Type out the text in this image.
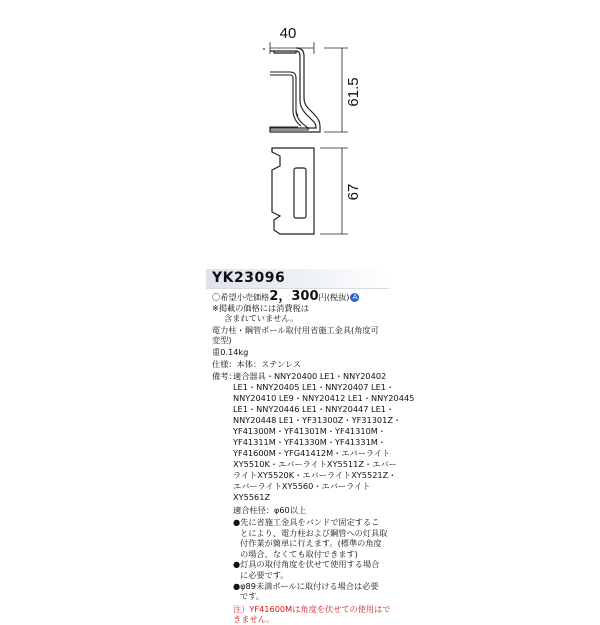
40
61.5
67
YK23096
〇希望小売価格2，300円(税抜) A
※掲載の価格には消費税は
含まれていません。
電力柱・鋼管ポール取付用省施工金具(角度可
変型)
重0.14kg
仕様：本体：ステンレス
備考：
適合器具・NNY20400 LE1・NNY20402
LE1・NNY20405 LE1・NNY20407 LE1・
NNY20410 LE9・NNY20412 LE1・NNY20445
LE1・NNY20446 LE1・NNY20447 LE1・
NNY20448 LE1・YF31300Z・YF31301Z・
YF41300M・YF41301M・YF41310M・
YF41311M・YF41330M・YF41331M・
YF41600M・YFG41412M・エバーライト
XY5510K・エバーライトXY5511Z・エバー
ライトXY5520K・エバーライトXY5521Z・
エバーライトXY5560・エバーライト
XY5561Z
適合柱径：φ60以上
●先に省施工金具をバンドで固定するこ
とにより、電力柱および鋼管への灯具取
付作業が簡単に行えます。(標準の角度
の場合、なくても取付できます)
●灯具の取付角度を伏せて使用する場合
に必要です。
●φ89未満ポールに取付ける場合は必要
です。
注）YF41600Mは角度を伏せての使用はで
きません。
